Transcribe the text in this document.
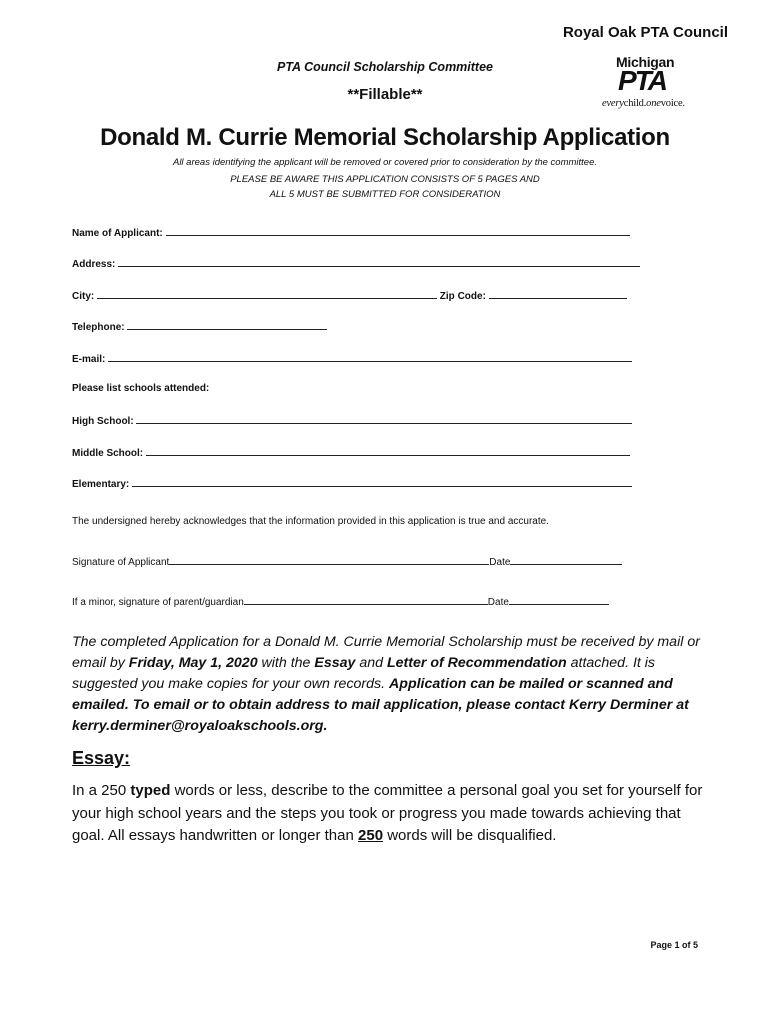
Royal Oak PTA Council
PTA Council Scholarship Committee
**Fillable**
Michigan
PTA
everychild.onevoice.
Donald M. Currie Memorial Scholarship Application
All areas identifying the applicant will be removed or covered prior to consideration by the committee.
PLEASE BE AWARE THIS APPLICATION CONSISTS OF 5 PAGES AND
ALL 5 MUST BE SUBMITTED FOR CONSIDERATION
Name of Applicant:
Address:
City:	Zip Code:
Telephone:
E-mail:
Please list schools attended:
High School:
Middle School:
Elementary:
The undersigned hereby acknowledges that the information provided in this application is true and accurate.
Signature of Applicant	Date
If a minor, signature of parent/guardian	Date
The completed Application for a Donald M. Currie Memorial Scholarship must be received by mail or email by Friday, May 1, 2020 with the Essay and Letter of Recommendation attached. It is suggested you make copies for your own records. Application can be mailed or scanned and emailed. To email or to obtain address to mail application, please contact Kerry Derminer at kerry.derminer@royaloakschools.org.
Essay:
In a 250 typed words or less, describe to the committee a personal goal you set for yourself for your high school years and the steps you took or progress you made towards achieving that goal. All essays handwritten or longer than 250 words will be disqualified.
Page 1 of 5
